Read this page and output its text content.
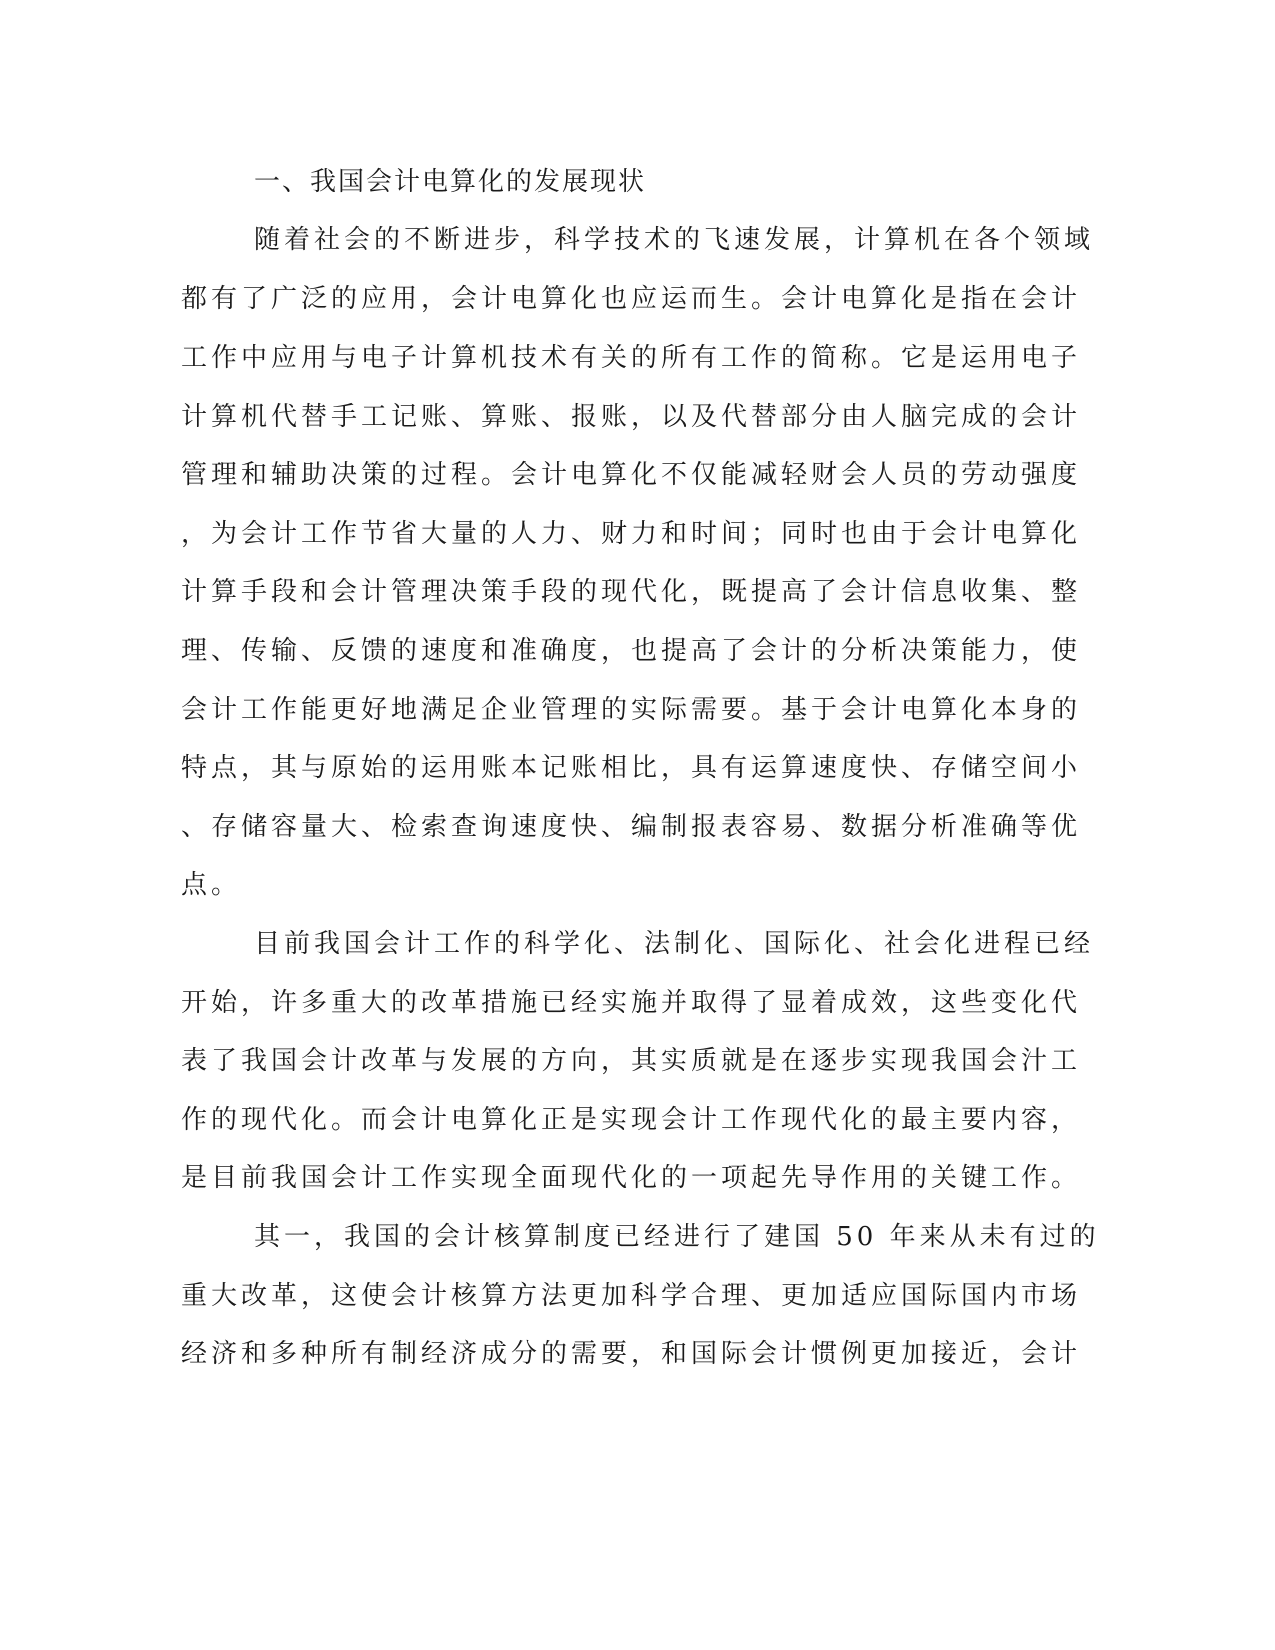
一、我国会计电算化的发展现状
随着社会的不断进步，科学技术的飞速发展，计算机在各个领域
都有了广泛的应用，会计电算化也应运而生。会计电算化是指在会计
工作中应用与电子计算机技术有关的所有工作的简称。它是运用电子
计算机代替手工记账、算账、报账，以及代替部分由人脑完成的会计
管理和辅助决策的过程。会计电算化不仅能减轻财会人员的劳动强度
，为会计工作节省大量的人力、财力和时间；同时也由于会计电算化
计算手段和会计管理决策手段的现代化，既提高了会计信息收集、整
理、传输、反馈的速度和准确度，也提高了会计的分析决策能力，使
会计工作能更好地满足企业管理的实际需要。基于会计电算化本身的
特点，其与原始的运用账本记账相比，具有运算速度快、存储空间小
、存储容量大、检索查询速度快、编制报表容易、数据分析准确等优
点。
目前我国会计工作的科学化、法制化、国际化、社会化进程已经
开始，许多重大的改革措施已经实施并取得了显着成效，这些变化代
表了我国会计改革与发展的方向，其实质就是在逐步实现我国会汁工
作的现代化。而会计电算化正是实现会计工作现代化的最主要内容，
是目前我国会计工作实现全面现代化的一项起先导作用的关键工作。
其一，我国的会计核算制度已经进行了建国 50 年来从未有过的
重大改革，这使会计核算方法更加科学合理、更加适应国际国内市场
经济和多种所有制经济成分的需要，和国际会计惯例更加接近，会计
